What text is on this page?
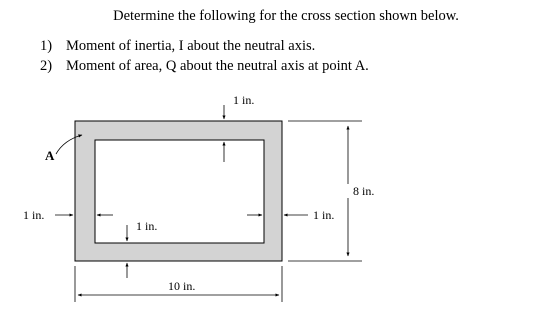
Determine the following for the cross section shown below.
1) Moment of inertia, I about the neutral axis.
2) Moment of area, Q about the neutral axis at point A.
A
1 in.
1 in.
1 in.	1 in.
8 in.
10 in.
